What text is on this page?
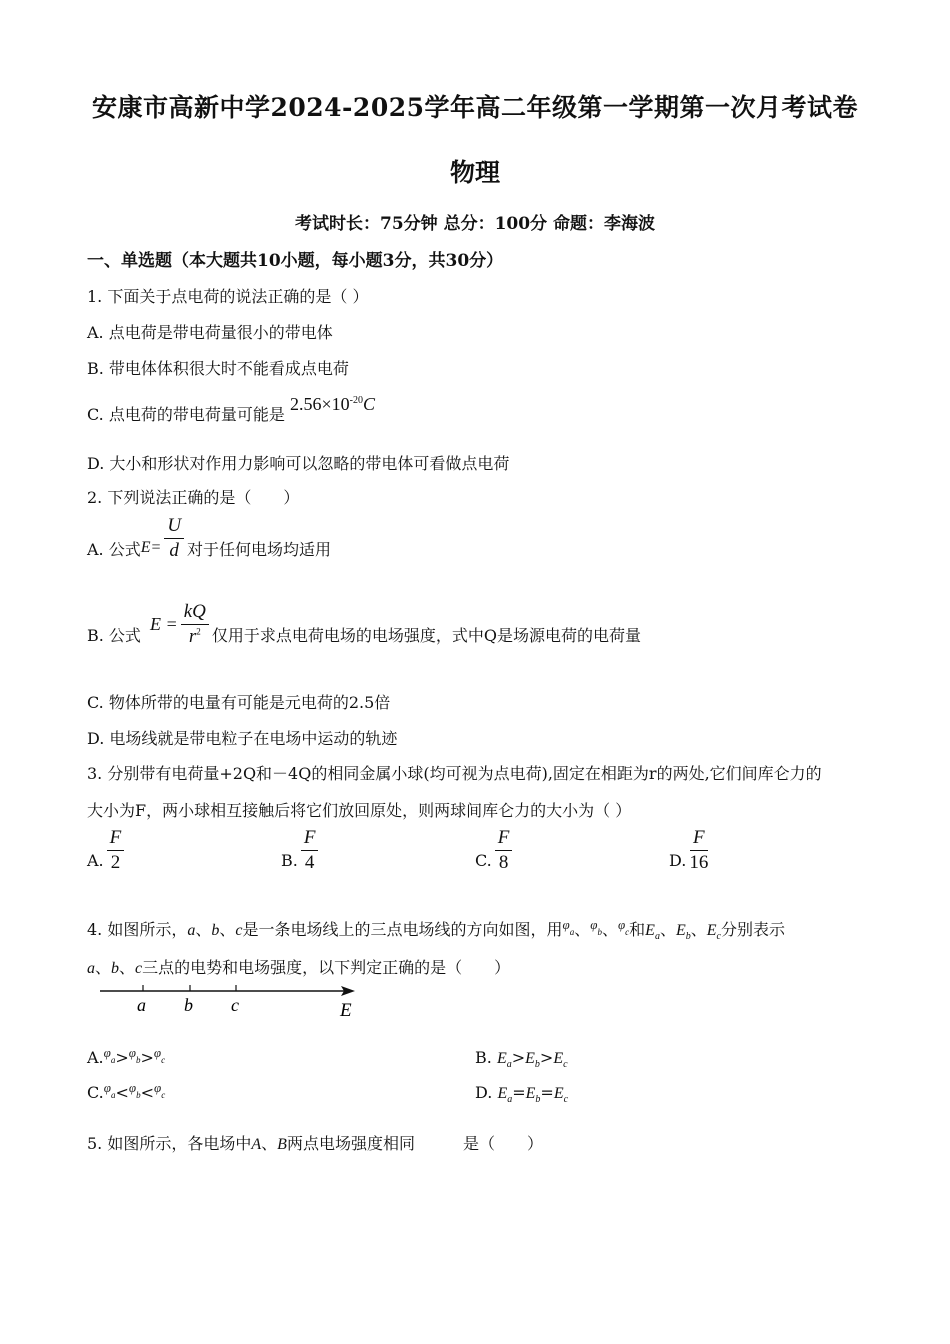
安康市高新中学2024-2025学年高二年级第一学期第一次月考试卷
物理
考试时长：75分钟 总分：100分 命题：李海波
一、单选题（本大题共10小题，每小题3分，共30分）
1. 下面关于点电荷的说法正确的是（ ）
A. 点电荷是带电荷量很小的带电体
B. 带电体体积很大时不能看成点电荷
C. 点电荷的带电荷量可能是 $2.56\times 10^{-20}C$
D. 大小和形状对作用力影响可以忽略的带电体可看做点电荷
2. 下列说法正确的是（　　）
A. 公式$E= \frac{U}{d}$ 对于任何电场均适用
B. 公式 $E = \frac{kQ}{r^2}$ 仅用于求点电荷电场的电场强度，式中Q是场源电荷的电荷量
C. 物体所带的电量有可能是元电荷的2.5倍
D. 电场线就是带电粒子在电场中运动的轨迹
3. 分别带有电荷量+2Q和－4Q的相同金属小球(均可视为点电荷),固定在相距为r的两处,它们间库仑力的
大小为F，两小球相互接触后将它们放回原处，则两球间库仑力的大小为（ ）
A. $\frac{F}{2}$	B. $\frac{F}{4}$	C. $\frac{F}{8}$	D. $\frac{F}{16}$
4. 如图所示，a、b、c是一条电场线上的三点电场线的方向如图，用$^\varphi$a、$^\varphi$b、$^\varphi$c和$E_a$、$E_b$、$E_c$分别表示
a、b、c三点的电势和电场强度，以下判定正确的是（　　）
a b c	E
A.$^\varphi$a>$^\varphi$b>$^\varphi$c	B. $E_a>E_b>E_c$
C.$^\varphi$a<$^\varphi$b<$^\varphi$c	D. $E_a=E_b=E_c$
5. 如图所示，各电场中A、B两点电场强度相同	是（　　）
